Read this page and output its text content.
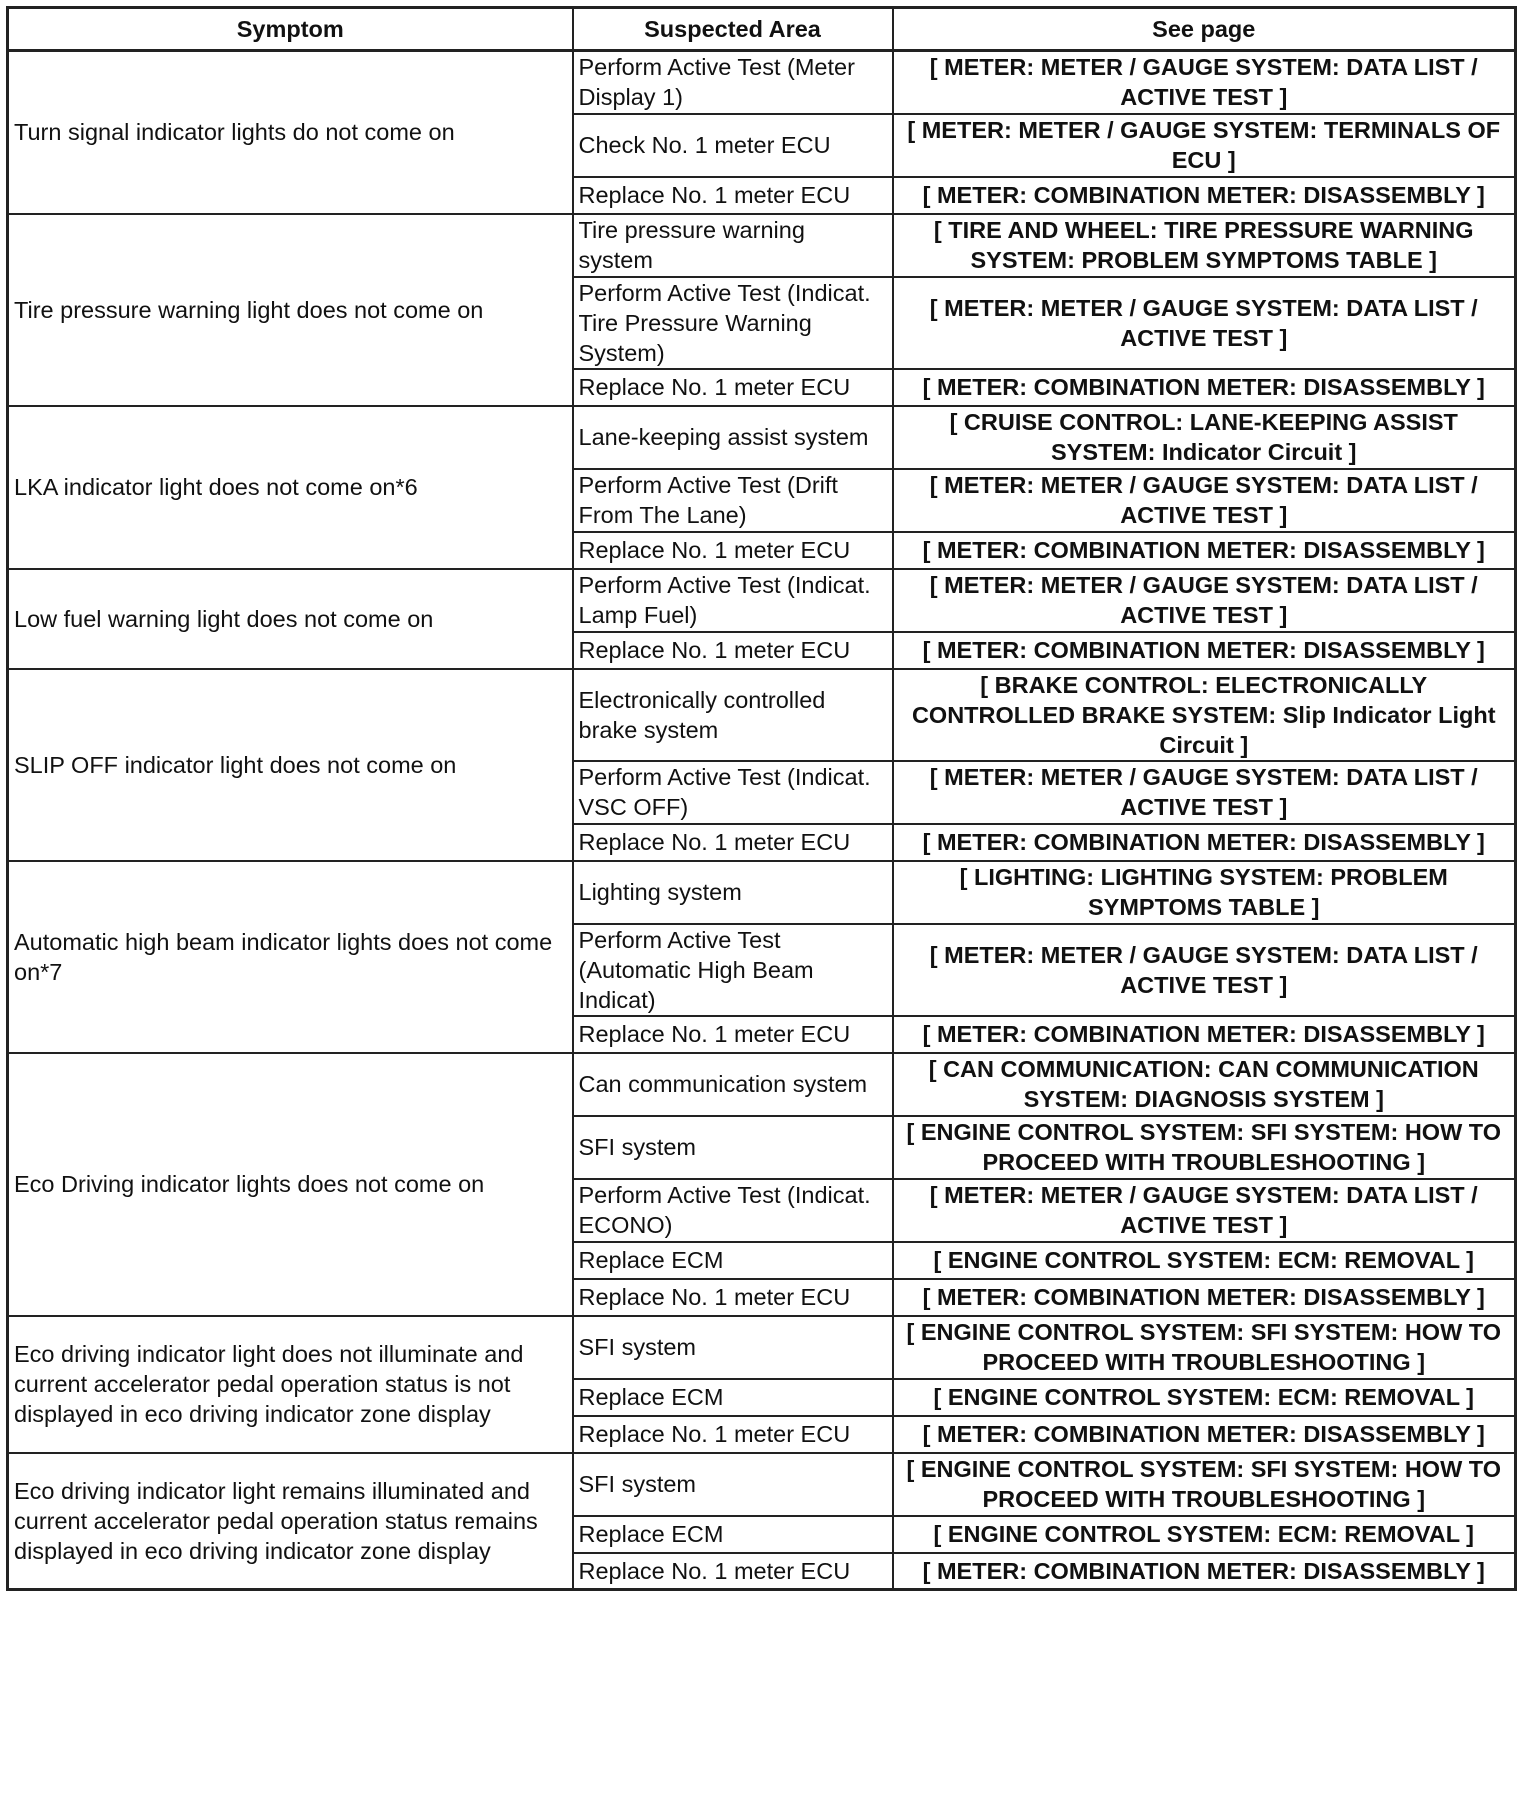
Symptom	Suspected Area	See page
Turn signal indicator lights do not come on	Perform Active Test (Meter Display 1)	[ METER: METER / GAUGE SYSTEM: DATA LIST / ACTIVE TEST ]
	Check No. 1 meter ECU	[ METER: METER / GAUGE SYSTEM: TERMINALS OF ECU ]
	Replace No. 1 meter ECU	[ METER: COMBINATION METER: DISASSEMBLY ]
Tire pressure warning light does not come on	Tire pressure warning system	[ TIRE AND WHEEL: TIRE PRESSURE WARNING SYSTEM: PROBLEM SYMPTOMS TABLE ]
	Perform Active Test (Indicat. Tire Pressure Warning System)	[ METER: METER / GAUGE SYSTEM: DATA LIST / ACTIVE TEST ]
	Replace No. 1 meter ECU	[ METER: COMBINATION METER: DISASSEMBLY ]
LKA indicator light does not come on*6	Lane-keeping assist system	[ CRUISE CONTROL: LANE-KEEPING ASSIST SYSTEM: Indicator Circuit ]
	Perform Active Test (Drift From The Lane)	[ METER: METER / GAUGE SYSTEM: DATA LIST / ACTIVE TEST ]
	Replace No. 1 meter ECU	[ METER: COMBINATION METER: DISASSEMBLY ]
Low fuel warning light does not come on	Perform Active Test (Indicat. Lamp Fuel)	[ METER: METER / GAUGE SYSTEM: DATA LIST / ACTIVE TEST ]
	Replace No. 1 meter ECU	[ METER: COMBINATION METER: DISASSEMBLY ]
SLIP OFF indicator light does not come on	Electronically controlled brake system	[ BRAKE CONTROL: ELECTRONICALLY CONTROLLED BRAKE SYSTEM: Slip Indicator Light Circuit ]
	Perform Active Test (Indicat. VSC OFF)	[ METER: METER / GAUGE SYSTEM: DATA LIST / ACTIVE TEST ]
	Replace No. 1 meter ECU	[ METER: COMBINATION METER: DISASSEMBLY ]
Automatic high beam indicator lights does not come on*7	Lighting system	[ LIGHTING: LIGHTING SYSTEM: PROBLEM SYMPTOMS TABLE ]
	Perform Active Test (Automatic High Beam Indicat)	[ METER: METER / GAUGE SYSTEM: DATA LIST / ACTIVE TEST ]
	Replace No. 1 meter ECU	[ METER: COMBINATION METER: DISASSEMBLY ]
Eco Driving indicator lights does not come on	Can communication system	[ CAN COMMUNICATION: CAN COMMUNICATION SYSTEM: DIAGNOSIS SYSTEM ]
	SFI system	[ ENGINE CONTROL SYSTEM: SFI SYSTEM: HOW TO PROCEED WITH TROUBLESHOOTING ]
	Perform Active Test (Indicat. ECONO)	[ METER: METER / GAUGE SYSTEM: DATA LIST / ACTIVE TEST ]
	Replace ECM	[ ENGINE CONTROL SYSTEM: ECM: REMOVAL ]
	Replace No. 1 meter ECU	[ METER: COMBINATION METER: DISASSEMBLY ]
Eco driving indicator light does not illuminate and current accelerator pedal operation status is not displayed in eco driving indicator zone display	SFI system	[ ENGINE CONTROL SYSTEM: SFI SYSTEM: HOW TO PROCEED WITH TROUBLESHOOTING ]
	Replace ECM	[ ENGINE CONTROL SYSTEM: ECM: REMOVAL ]
	Replace No. 1 meter ECU	[ METER: COMBINATION METER: DISASSEMBLY ]
Eco driving indicator light remains illuminated and current accelerator pedal operation status remains displayed in eco driving indicator zone display	SFI system	[ ENGINE CONTROL SYSTEM: SFI SYSTEM: HOW TO PROCEED WITH TROUBLESHOOTING ]
	Replace ECM	[ ENGINE CONTROL SYSTEM: ECM: REMOVAL ]
	Replace No. 1 meter ECU	[ METER: COMBINATION METER: DISASSEMBLY ]
